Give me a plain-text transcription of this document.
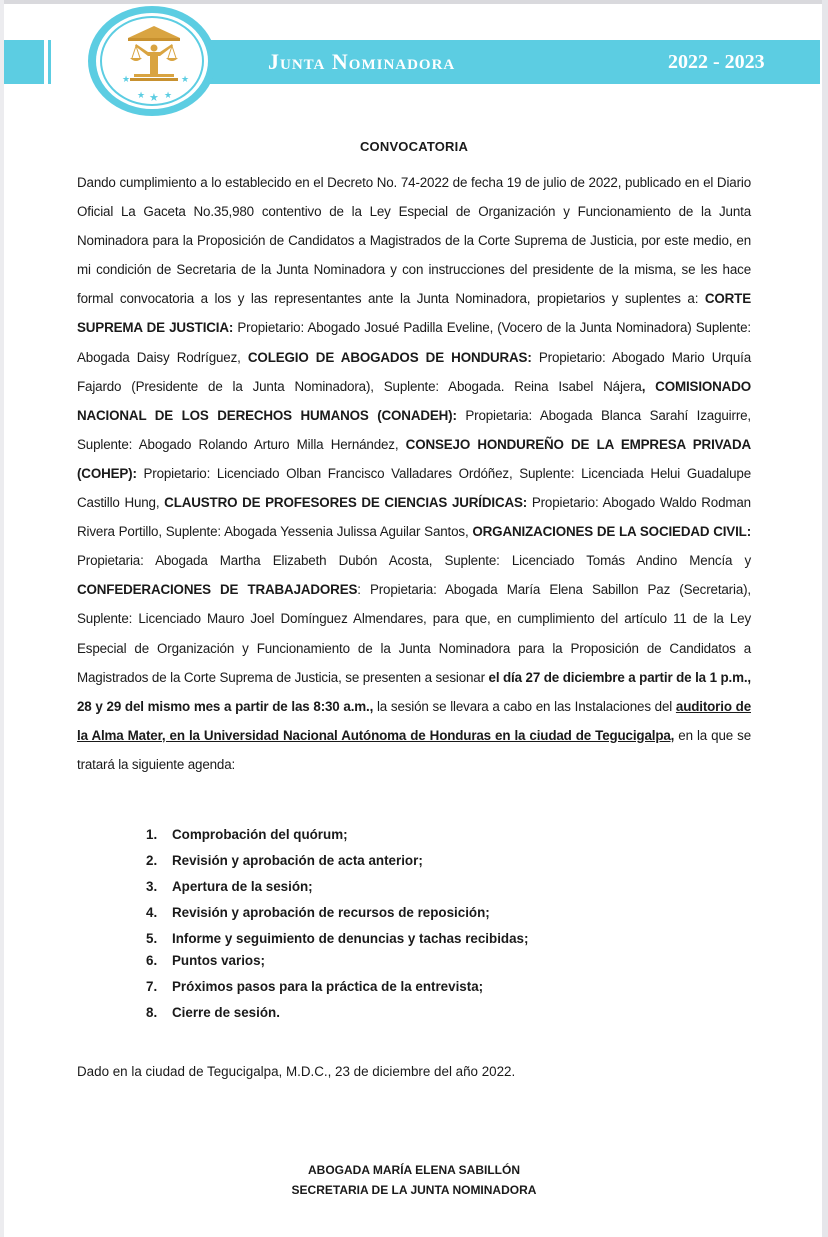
★	★
★ ★ ★
Junta Nominadora	2022 - 2023
CONVOCATORIA
Dando cumplimiento a lo establecido en el Decreto No. 74-2022 de fecha 19 de julio de 2022, publicado en el Diario Oficial La Gaceta No.35,980 contentivo de la Ley Especial de Organización y Funcionamiento de la Junta Nominadora para la Proposición de Candidatos a Magistrados de la Corte Suprema de Justicia, por este medio, en mi condición de Secretaria de la Junta Nominadora y con instrucciones del presidente de la misma, se les hace formal convocatoria a los y las representantes ante la Junta Nominadora, propietarios y suplentes a: CORTE SUPREMA DE JUSTICIA: Propietario: Abogado Josué Padilla Eveline, (Vocero de la Junta Nominadora) Suplente: Abogada Daisy Rodríguez, COLEGIO DE ABOGADOS DE HONDURAS: Propietario: Abogado Mario Urquía Fajardo (Presidente de la Junta Nominadora), Suplente: Abogada. Reina Isabel Nájera, COMISIONADO NACIONAL DE LOS DERECHOS HUMANOS (CONADEH): Propietaria: Abogada Blanca Sarahí Izaguirre, Suplente: Abogado Rolando Arturo Milla Hernández, CONSEJO HONDUREÑO DE LA EMPRESA PRIVADA (COHEP): Propietario: Licenciado Olban Francisco Valladares Ordóñez, Suplente: Licenciada Helui Guadalupe Castillo Hung, CLAUSTRO DE PROFESORES DE CIENCIAS JURÍDICAS: Propietario: Abogado Waldo Rodman Rivera Portillo, Suplente: Abogada Yessenia Julissa Aguilar Santos, ORGANIZACIONES DE LA SOCIEDAD CIVIL: Propietaria: Abogada Martha Elizabeth Dubón Acosta, Suplente: Licenciado Tomás Andino Mencía y CONFEDERACIONES DE TRABAJADORES: Propietaria: Abogada María Elena Sabillon Paz (Secretaria), Suplente: Licenciado Mauro Joel Domínguez Almendares, para que, en cumplimiento del artículo 11 de la Ley Especial de Organización y Funcionamiento de la Junta Nominadora para la Proposición de Candidatos a Magistrados de la Corte Suprema de Justicia, se presenten a sesionar el día 27 de diciembre a partir de la 1 p.m., 28 y 29 del mismo mes a partir de las 8:30 a.m., la sesión se llevara a cabo en las Instalaciones del auditorio de la Alma Mater, en la Universidad Nacional Autónoma de Honduras en la ciudad de Tegucigalpa, en la que se tratará la siguiente agenda:
1. Comprobación del quórum;
2. Revisión y aprobación de acta anterior;
3. Apertura de la sesión;
4. Revisión y aprobación de recursos de reposición;
5. Informe y seguimiento de denuncias y tachas recibidas;
6. Puntos varios;
7. Próximos pasos para la práctica de la entrevista;
8. Cierre de sesión.
Dado en la ciudad de Tegucigalpa, M.D.C., 23 de diciembre del año 2022.
ABOGADA MARÍA ELENA SABILLÓN
SECRETARIA DE LA JUNTA NOMINADORA
